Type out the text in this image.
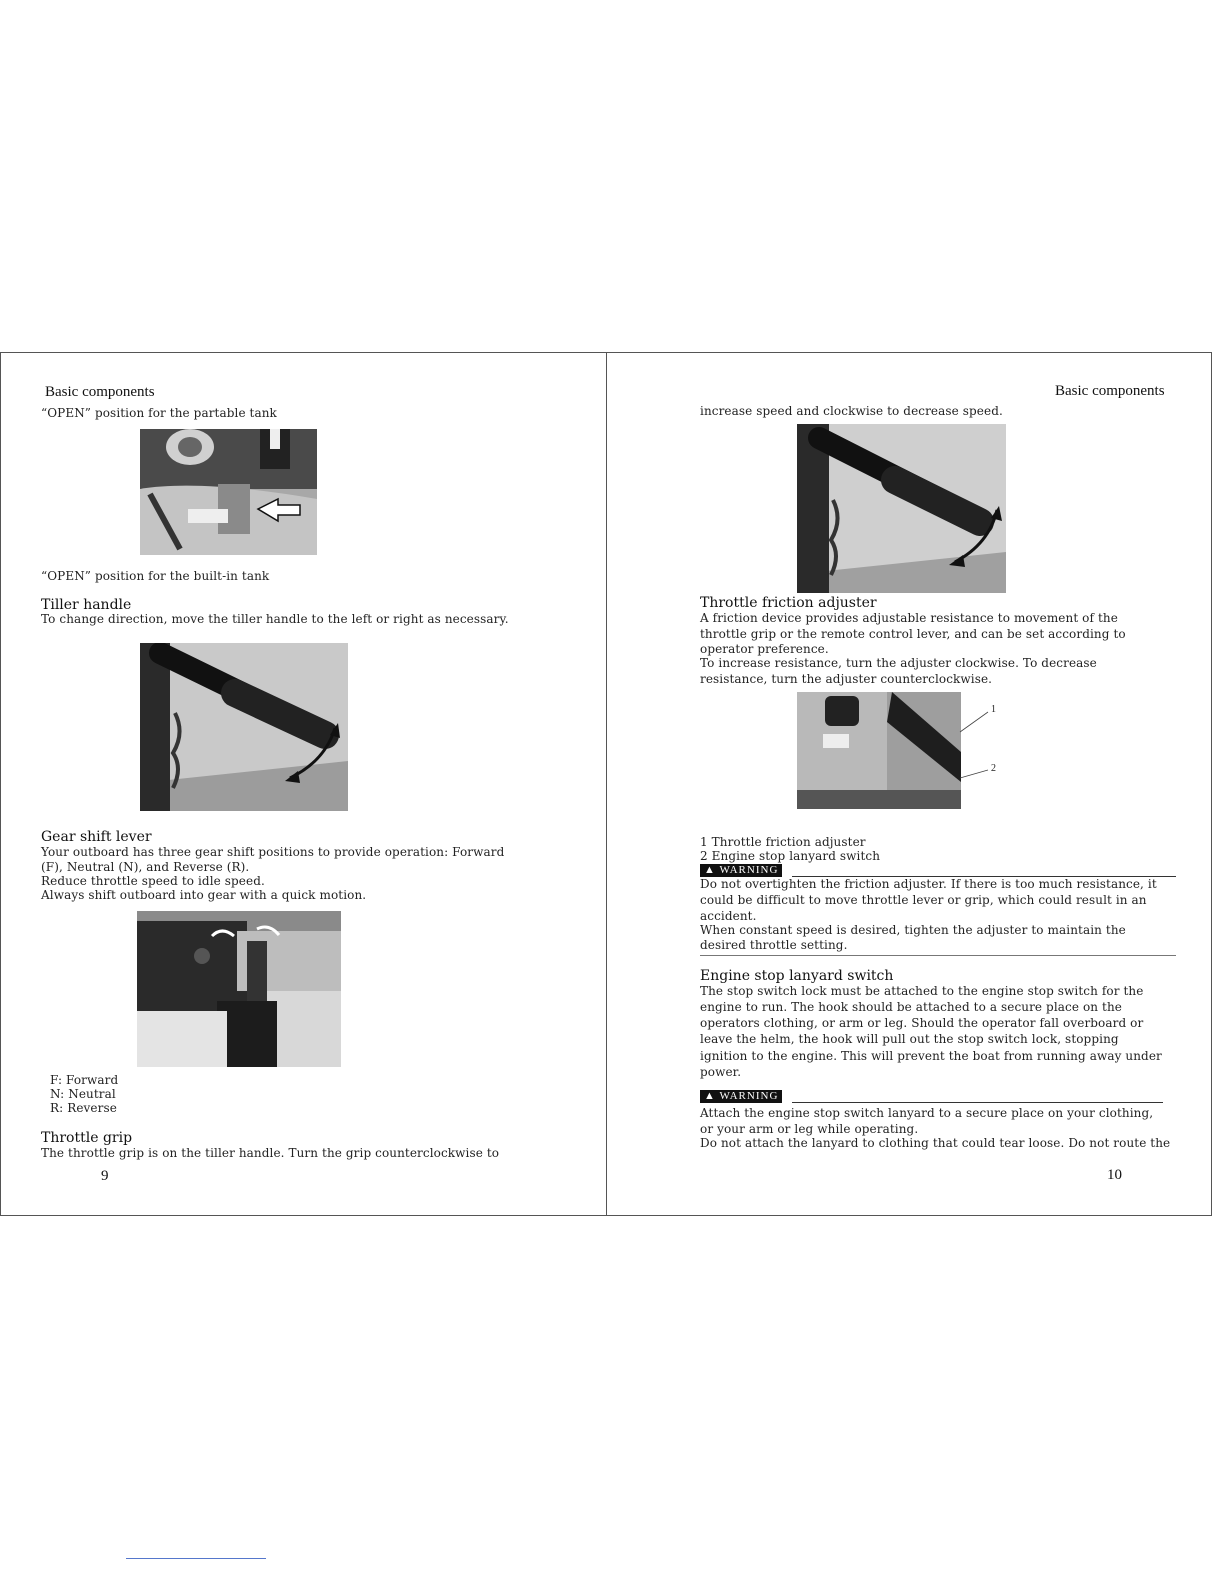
Basic components
“OPEN” position for the partable tank
“OPEN” position for the built-in tank
Tiller handle
To change direction, move the tiller handle to the left or right as necessary.
Gear shift lever
Your outboard has three gear shift positions to provide operation: Forward
(F), Neutral (N), and Reverse (R).
Reduce throttle speed to idle speed.
Always shift outboard into gear with a quick motion.
F: Forward
N: Neutral
R: Reverse
Throttle grip
The throttle grip is on the tiller handle. Turn the grip counterclockwise to
9
Basic components
increase speed and clockwise to decrease speed.
Throttle friction adjuster
A friction device provides adjustable resistance to movement of the
throttle grip or the remote control lever, and can be set according to
operator preference.
To increase resistance, turn the adjuster clockwise. To decrease
resistance, turn the adjuster counterclockwise.
1
2
1 Throttle friction adjuster
2 Engine stop lanyard switch
▲ WARNING
Do not overtighten the friction adjuster. If there is too much resistance, it
could be difficult to move throttle lever or grip, which could result in an
accident.
When constant speed is desired, tighten the adjuster to maintain the
desired throttle setting.
Engine stop lanyard switch
The stop switch lock must be attached to the engine stop switch for the
engine to run. The hook should be attached to a secure place on the
operators clothing, or arm or leg. Should the operator fall overboard or
leave the helm, the hook will pull out the stop switch lock, stopping
ignition to the engine. This will prevent the boat from running away under
power.
▲ WARNING
Attach the engine stop switch lanyard to a secure place on your clothing,
or your arm or leg while operating.
Do not attach the lanyard to clothing that could tear loose. Do not route the
10
